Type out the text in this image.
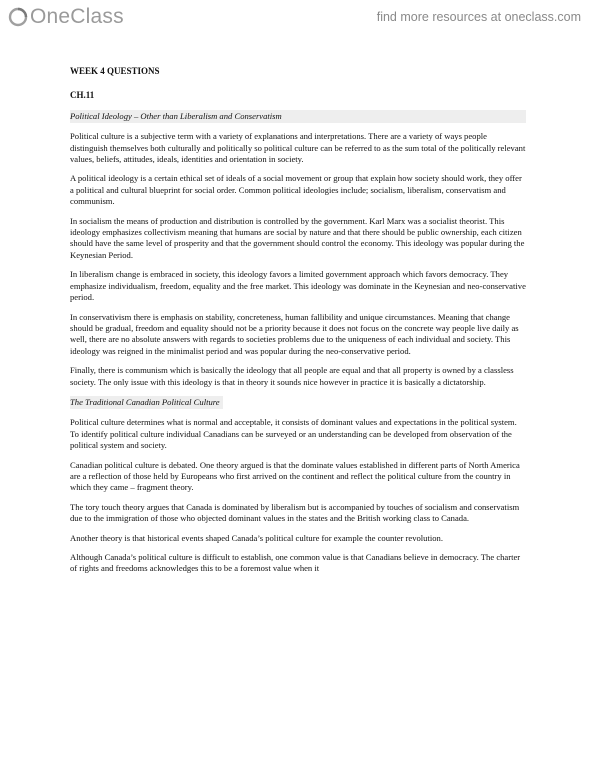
OneClass	find more resources at oneclass.com
WEEK 4 QUESTIONS
CH.11
Political Ideology – Other than Liberalism and Conservatism

Political culture is a subjective term with a variety of explanations and interpretations. There are a variety of ways people distinguish themselves both culturally and politically so political culture can be referred to as the sum total of the politically relevant values, beliefs, attitudes, ideals, identities and orientation in society.

A political ideology is a certain ethical set of ideals of a social movement or group that explain how society should work, they offer a political and cultural blueprint for social order. Common political ideologies include; socialism, liberalism, conservatism and communism.

In socialism the means of production and distribution is controlled by the government. Karl Marx was a socialist theorist. This ideology emphasizes collectivism meaning that humans are social by nature and that there should be public ownership, each citizen should have the same level of prosperity and that the government should control the economy. This ideology was popular during the Keynesian Period.

In liberalism change is embraced in society, this ideology favors a limited government approach which favors democracy. They emphasize individualism, freedom, equality and the free market. This ideology was dominate in the Keynesian and neo-conservative period.

In conservativism there is emphasis on stability, concreteness, human fallibility and unique circumstances. Meaning that change should be gradual, freedom and equality should not be a priority because it does not focus on the concrete way people live daily as well, there are no absolute answers with regards to societies problems due to the uniqueness of each individual and society. This ideology was reigned in the minimalist period and was popular during the neo-conservative period.

Finally, there is communism which is basically the ideology that all people are equal and that all property is owned by a classless society. The only issue with this ideology is that in theory it sounds nice however in practice it is basically a dictatorship.

The Traditional Canadian Political Culture

Political culture determines what is normal and acceptable, it consists of dominant values and expectations in the political system. To identify political culture individual Canadians can be surveyed or an understanding can be developed from observation of the political system and society.

Canadian political culture is debated. One theory argued is that the dominate values established in different parts of North America are a reflection of those held by Europeans who first arrived on the continent and reflect the political culture from the country in which they came – fragment theory.

The tory touch theory argues that Canada is dominated by liberalism but is accompanied by touches of socialism and conservatism due to the immigration of those who objected dominant values in the states and the British working class to Canada.

Another theory is that historical events shaped Canada’s political culture for example the counter revolution.

Although Canada’s political culture is difficult to establish, one common value is that Canadians believe in democracy. The charter of rights and freedoms acknowledges this to be a foremost value when it
